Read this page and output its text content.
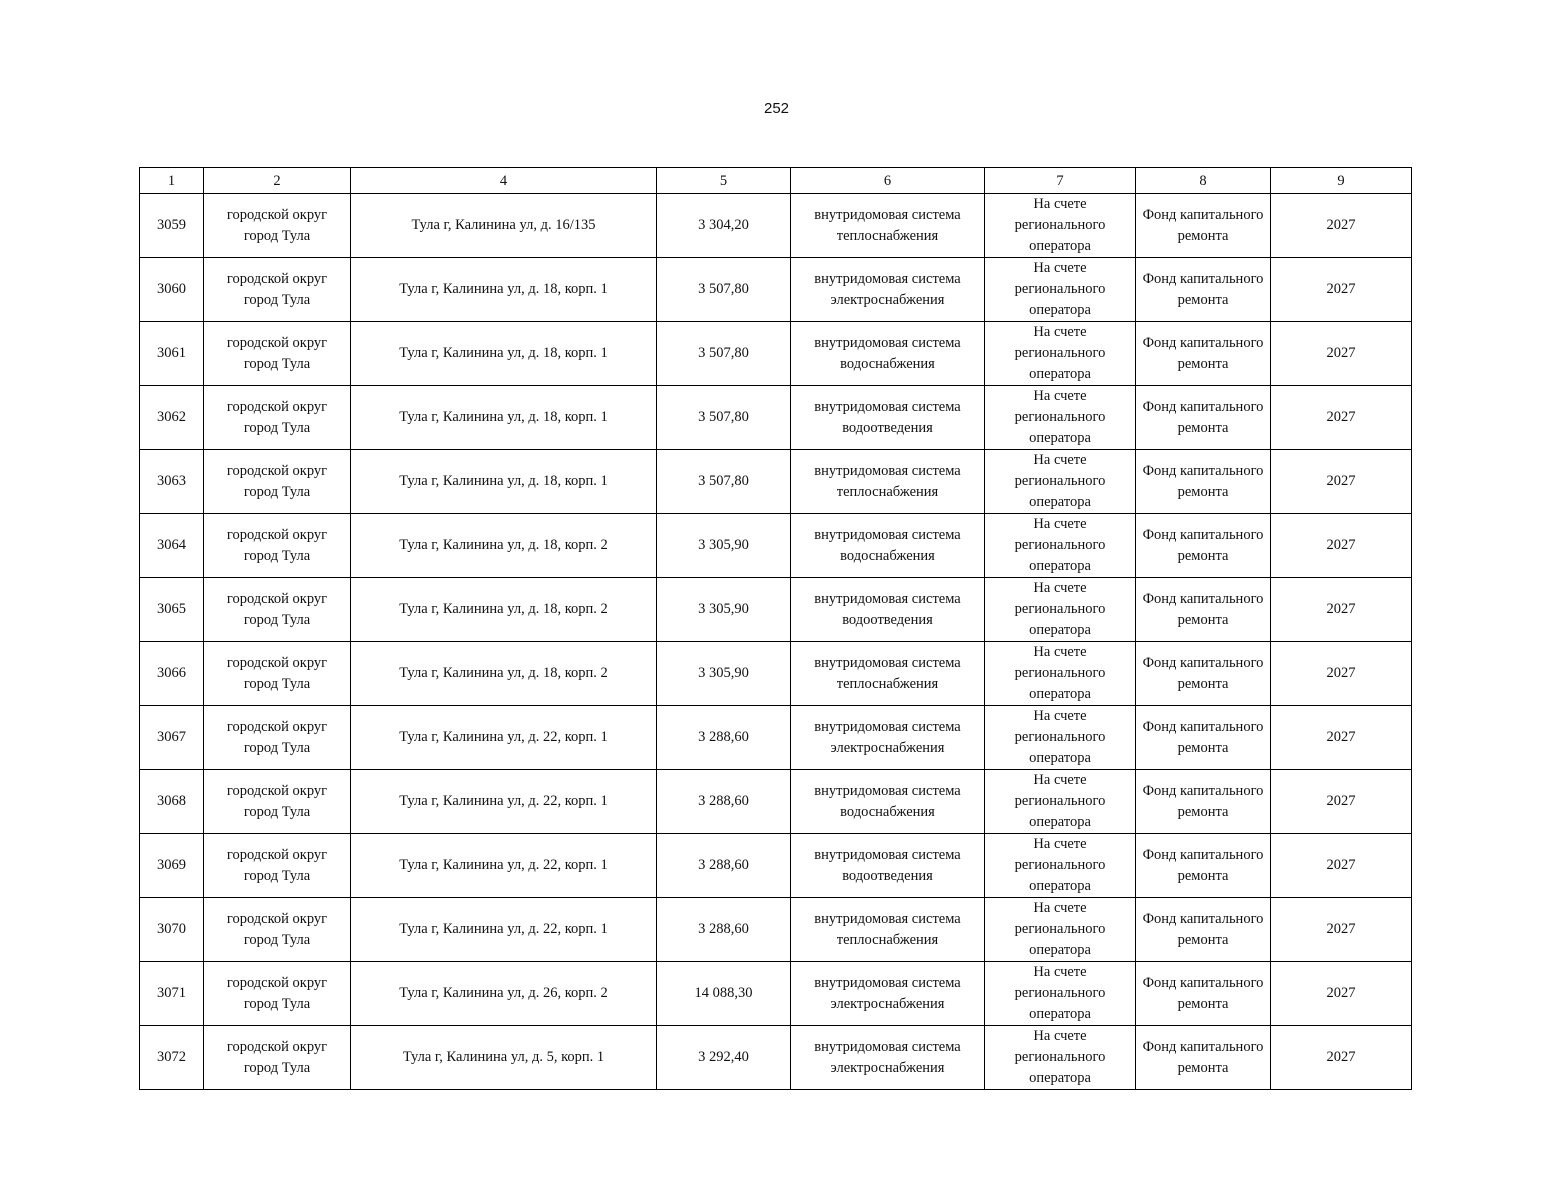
252
1	2	4	5	6	7	8	9

3059	городской округ город Тула	Тула г, Калинина ул, д. 16/135	3 304,20	внутридомовая система теплоснабжения	На счете регионального оператора	Фонд капитального ремонта	2027

3060	городской округ город Тула	Тула г, Калинина ул, д. 18, корп. 1	3 507,80	внутридомовая система электроснабжения	На счете регионального оператора	Фонд капитального ремонта	2027

3061	городской округ город Тула	Тула г, Калинина ул, д. 18, корп. 1	3 507,80	внутридомовая система водоснабжения	На счете регионального оператора	Фонд капитального ремонта	2027

3062	городской округ город Тула	Тула г, Калинина ул, д. 18, корп. 1	3 507,80	внутридомовая система водоотведения	На счете регионального оператора	Фонд капитального ремонта	2027

3063	городской округ город Тула	Тула г, Калинина ул, д. 18, корп. 1	3 507,80	внутридомовая система теплоснабжения	На счете регионального оператора	Фонд капитального ремонта	2027

3064	городской округ город Тула	Тула г, Калинина ул, д. 18, корп. 2	3 305,90	внутридомовая система водоснабжения	На счете регионального оператора	Фонд капитального ремонта	2027

3065	городской округ город Тула	Тула г, Калинина ул, д. 18, корп. 2	3 305,90	внутридомовая система водоотведения	На счете регионального оператора	Фонд капитального ремонта	2027

3066	городской округ город Тула	Тула г, Калинина ул, д. 18, корп. 2	3 305,90	внутридомовая система теплоснабжения	На счете регионального оператора	Фонд капитального ремонта	2027

3067	городской округ город Тула	Тула г, Калинина ул, д. 22, корп. 1	3 288,60	внутридомовая система электроснабжения	На счете регионального оператора	Фонд капитального ремонта	2027

3068	городской округ город Тула	Тула г, Калинина ул, д. 22, корп. 1	3 288,60	внутридомовая система водоснабжения	На счете регионального оператора	Фонд капитального ремонта	2027

3069	городской округ город Тула	Тула г, Калинина ул, д. 22, корп. 1	3 288,60	внутридомовая система водоотведения	На счете регионального оператора	Фонд капитального ремонта	2027

3070	городской округ город Тула	Тула г, Калинина ул, д. 22, корп. 1	3 288,60	внутридомовая система теплоснабжения	На счете регионального оператора	Фонд капитального ремонта	2027

3071	городской округ город Тула	Тула г, Калинина ул, д. 26, корп. 2	14 088,30	внутридомовая система электроснабжения	На счете регионального оператора	Фонд капитального ремонта	2027

3072	городской округ город Тула	Тула г, Калинина ул, д. 5, корп. 1	3 292,40	внутридомовая система электроснабжения	На счете регионального оператора	Фонд капитального ремонта	2027
